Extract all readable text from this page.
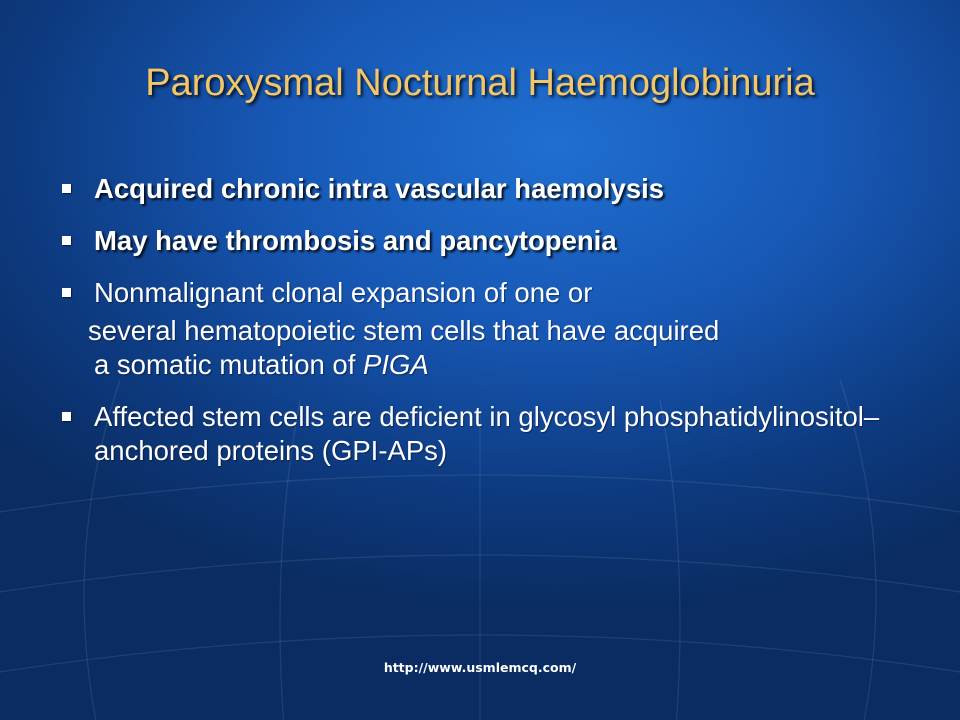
Paroxysmal Nocturnal Haemoglobinuria
Acquired chronic intra vascular haemolysis
May have thrombosis and pancytopenia
Nonmalignant clonal expansion of one or
several hematopoietic stem cells that have acquired
a somatic mutation of PIGA
Affected stem cells are deficient in glycosyl phosphatidylinositol–anchored proteins (GPI-APs)
http://www.usmlemcq.com/
